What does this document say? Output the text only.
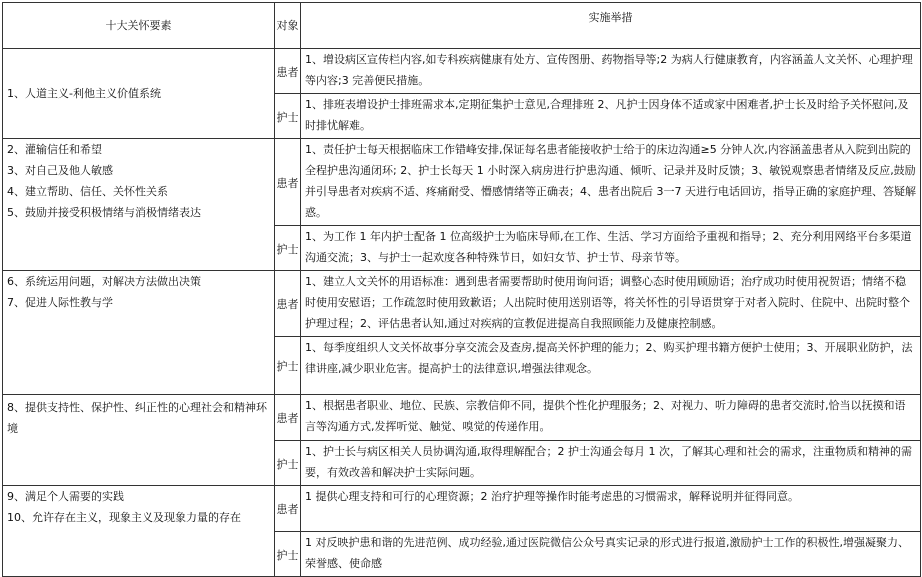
十大关怀要素	对象	实施举措

1、人道主义-利他主义价值系统	患者	1、增设病区宣传栏内容,如专科疾病健康有处方、宣传图册、药物指导等;2 为病人行健康教育，内容涵盖人文关怀、心理护理等内容;3 完善便民措施。
	护士	1、排班表增设护士排班需求本,定期征集护士意见,合理排班 2、凡护士因身体不适或家中困难者,护士长及时给予关怀慰问,及时排忧解难。

2、灌输信任和希望
3、对自己及他人敏感
4、建立帮助、信任、关怀性关系
5、鼓励并接受积极情绪与消极情绪表达	患者	1、责任护士每天根据临床工作错峰安排,保证每名患者能接收护士给于的床边沟通≥5 分钟人次,内容涵盖患者从入院到出院的全程护患沟通闭环; 2、护士长每天 1 小时深入病房进行护患沟通、倾听、记录并及时反馈；3、敏锐观察患者情绪及反应,鼓励并引导患者对疾病不适、疼痛耐受、懵感情绪等正确表；4、患者出院后 3一7 天进行电话回访，指导正确的家庭护理、答疑解惑。
	护士	1、为工作 1 年内护士配备 1 位高级护士为临床导师,在工作、生活、学习方面给予重视和指导；2、充分利用网络平台多渠道沟通交流；3、与护士一起欢度各种特殊节日，如妇女节、护士节、母亲节等。

6、系统运用问题，对解决方法做出决策
7、促进人际性教与学	患者	1、建立人文关怀的用语标准：遇到患者需要帮助时使用询问语；调整心态时使用顾励语；治疗成功时使用祝贺语；情绪不稳时使用安慰语；工作疏忽时使用致歉语；人出院时使用送别语等，将关怀性的引导语贯穿于对者入院时、住院中、出院时整个护理过程；2、评估患者认知,通过对疾病的宣教促进提高自我照顾能力及健康控制感。
	护士	1、每季度组织人文关怀故事分享交流会及查房,提高关怀护理的能力；2、购买护理书籍方便护士使用；3、开展职业防护，法律讲座,减少职业危害。提高护士的法律意识,增强法律观念。

8、提供支持性、保护性、纠正性的心理社会和精神环境	患者	1、根据患者职业、地位、民族、宗教信仰不同，提供个性化护理服务；2、对视力、听力障碍的患者交流时,恰当以抚摸和语言等沟通方式,发挥听觉、触觉、嗅觉的传递作用。
	护士	1、护士长与病区相关人员协调沟通,取得理解配合；2 护士沟通会每月 1 次，了解其心理和社会的需求，注重物质和精神的需要，有效改善和解决护士实际问题。

9、满足个人需要的实践
10、允许存在主义，现象主义及现象力量的存在	患者	1 提供心理支持和可行的心理资源；2 治疗护理等操作时能考虑患的习惯需求，解释说明并征得同意。
	护士	1 对反映护患和谐的先进范例、成功经验,通过医院微信公众号真实记录的形式进行报道,激励护士工作的积极性,增强凝聚力、荣誉感、使命感
